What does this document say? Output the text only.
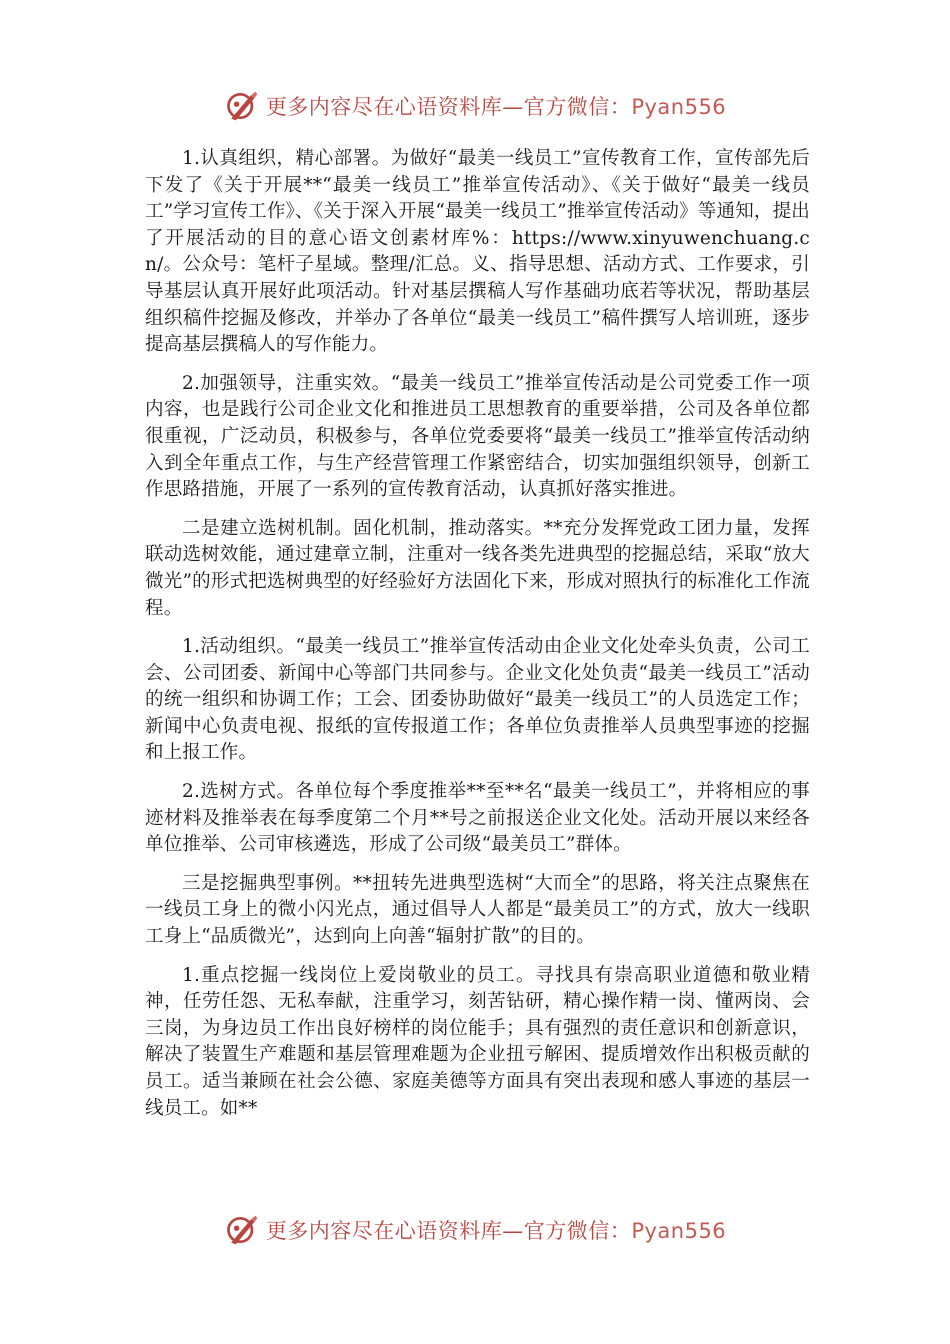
更多内容尽在心语资料库—官方微信：Pyan556

1.认真组织，精心部署。为做好“最美一线员工”宣传教育工作，宣传部先后下发了《关于开展**“最美一线员工”推举宣传活动》、《关于做好“最美一线员工”学习宣传工作》、《关于深入开展“最美一线员工”推举宣传活动》等通知，提出了开展活动的目的意心语文创素材库%：https://www.xinyuwenchuang.cn/。公众号：笔杆子星域。整理/汇总。义、指导思想、活动方式、工作要求，引导基层认真开展好此项活动。针对基层撰稿人写作基础功底若等状况，帮助基层组织稿件挖掘及修改，并举办了各单位“最美一线员工”稿件撰写人培训班，逐步提高基层撰稿人的写作能力。

2.加强领导，注重实效。“最美一线员工”推举宣传活动是公司党委工作一项内容，也是践行公司企业文化和推进员工思想教育的重要举措，公司及各单位都很重视，广泛动员，积极参与，各单位党委要将“最美一线员工”推举宣传活动纳入到全年重点工作，与生产经营管理工作紧密结合，切实加强组织领导，创新工作思路措施，开展了一系列的宣传教育活动，认真抓好落实推进。

二是建立选树机制。固化机制，推动落实。**充分发挥党政工团力量，发挥联动选树效能，通过建章立制，注重对一线各类先进典型的挖掘总结，采取“放大微光”的形式把选树典型的好经验好方法固化下来，形成对照执行的标准化工作流程。

1.活动组织。“最美一线员工”推举宣传活动由企业文化处牵头负责，公司工会、公司团委、新闻中心等部门共同参与。企业文化处负责“最美一线员工”活动的统一组织和协调工作；工会、团委协助做好“最美一线员工”的人员选定工作；新闻中心负责电视、报纸的宣传报道工作；各单位负责推举人员典型事迹的挖掘和上报工作。

2.选树方式。各单位每个季度推举**至**名“最美一线员工”，并将相应的事迹材料及推举表在每季度第二个月**号之前报送企业文化处。活动开展以来经各单位推举、公司审核遴选，形成了公司级“最美员工”群体。

三是挖掘典型事例。**扭转先进典型选树“大而全”的思路，将关注点聚焦在一线员工身上的微小闪光点，通过倡导人人都是“最美员工”的方式，放大一线职工身上“品质微光”，达到向上向善“辐射扩散”的目的。

1.重点挖掘一线岗位上爱岗敬业的员工。寻找具有崇高职业道德和敬业精神，任劳任怨、无私奉献，注重学习，刻苦钻研，精心操作精一岗、懂两岗、会三岗，为身边员工作出良好榜样的岗位能手；具有强烈的责任意识和创新意识，解决了装置生产难题和基层管理难题为企业扭亏解困、提质增效作出积极贡献的员工。适当兼顾在社会公德、家庭美德等方面具有突出表现和感人事迹的基层一线员工。如**

更多内容尽在心语资料库—官方微信：Pyan556
